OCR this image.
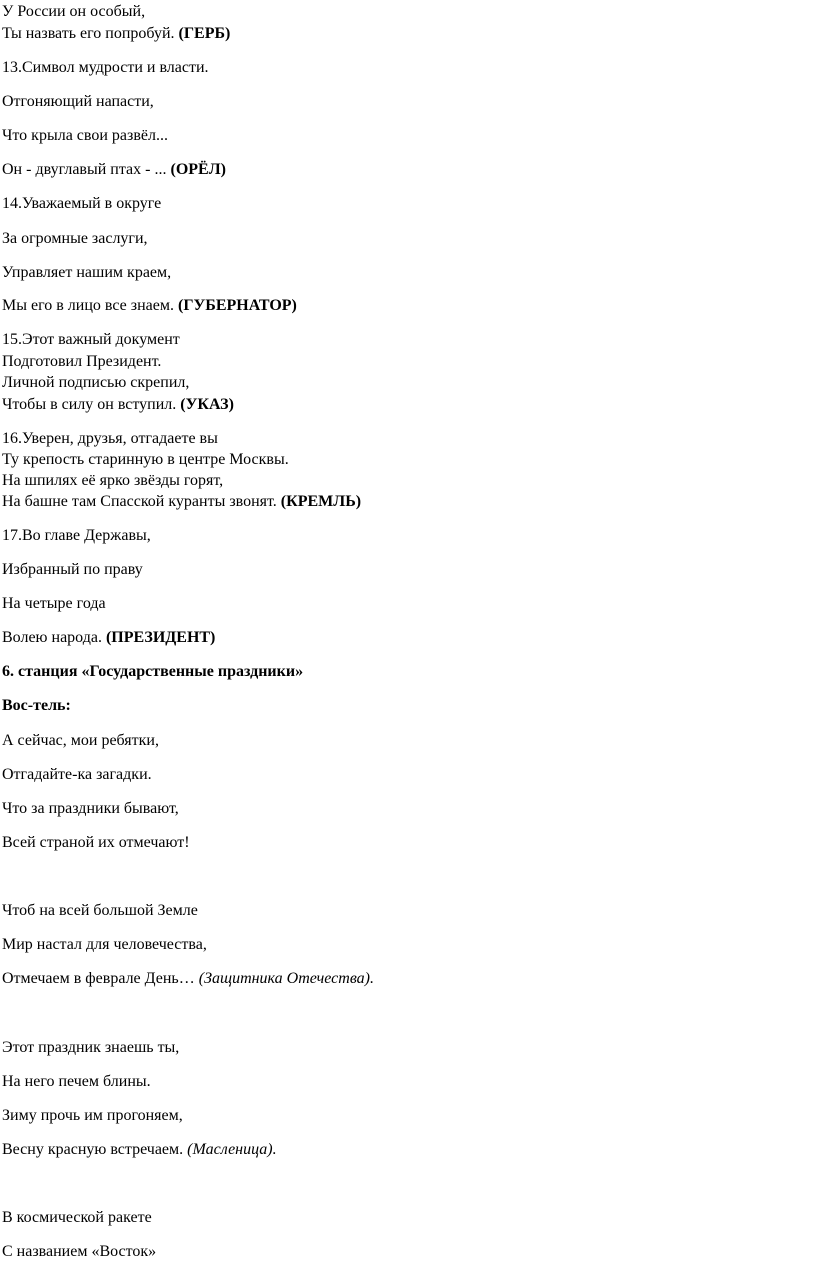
У России он особый,
Ты назвать его попробуй. (ГЕРБ)
13.Символ мудрости и власти.
Отгоняющий напасти,
Что крыла свои развёл...
Он - двуглавый птах - ... (ОРЁЛ)
14.Уважаемый в округе
За огромные заслуги,
Управляет нашим краем,
Мы его в лицо все знаем. (ГУБЕРНАТОР)
15.Этот важный документ
Подготовил Президент.
Личной подписью скрепил,
Чтобы в силу он вступил. (УКАЗ)
16.Уверен, друзья, отгадаете вы
Ту крепость старинную в центре Москвы.
На шпилях её ярко звёзды горят,
На башне там Спасской куранты звонят. (КРЕМЛЬ)
17.Во главе Державы,
Избранный по праву
На четыре года
Волею народа. (ПРЕЗИДЕНТ)
6. станция «Государственные праздники»
Вос-тель:
А сейчас, мои ребятки,
Отгадайте-ка загадки.
Что за праздники бывают,
Всей страной их отмечают!
Чтоб на всей большой Земле
Мир настал для человечества,
Отмечаем в феврале День… (Защитника Отечества).
Этот праздник знаешь ты,
На него печем блины.
Зиму прочь им прогоняем,
Весну красную встречаем. (Масленица).
В космической ракете
С названием «Восток»
